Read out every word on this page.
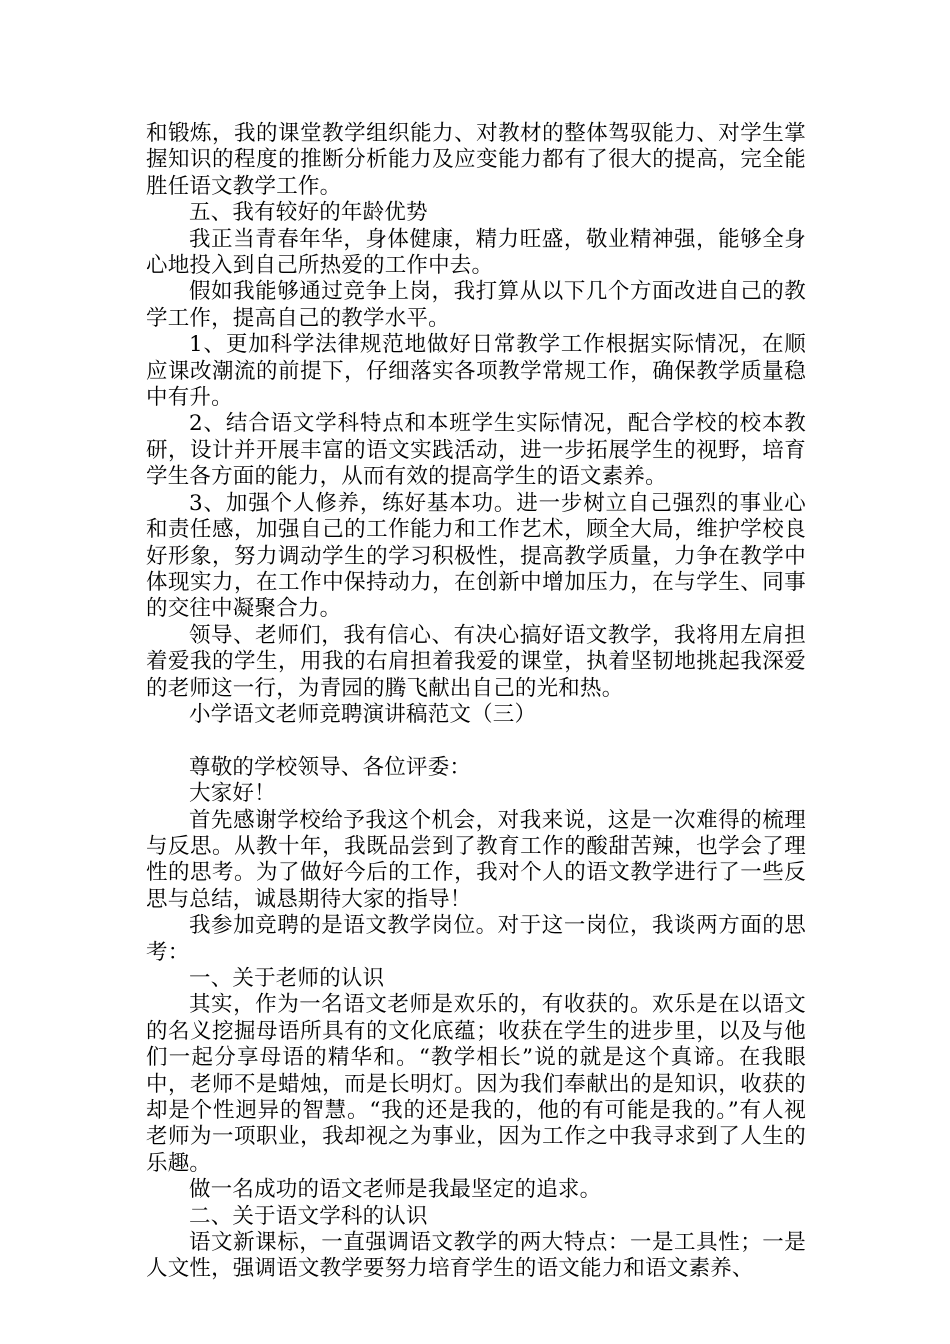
和锻炼，我的课堂教学组织能力、对教材的整体驾驭能力、对学生掌握知识的程度的推断分析能力及应变能力都有了很大的提高，完全能胜任语文教学工作。

五、我有较好的年龄优势

我正当青春年华，身体健康，精力旺盛，敬业精神强，能够全身心地投入到自己所热爱的工作中去。

假如我能够通过竞争上岗，我打算从以下几个方面改进自己的教学工作，提高自己的教学水平。

1、更加科学法律规范地做好日常教学工作根据实际情况，在顺应课改潮流的前提下，仔细落实各项教学常规工作，确保教学质量稳中有升。

2、结合语文学科特点和本班学生实际情况，配合学校的校本教研，设计并开展丰富的语文实践活动，进一步拓展学生的视野，培育学生各方面的能力，从而有效的提高学生的语文素养。

3、加强个人修养，练好基本功。进一步树立自己强烈的事业心和责任感，加强自己的工作能力和工作艺术，顾全大局，维护学校良好形象，努力调动学生的学习积极性，提高教学质量，力争在教学中体现实力，在工作中保持动力，在创新中增加压力，在与学生、同事的交往中凝聚合力。

领导、老师们，我有信心、有决心搞好语文教学，我将用左肩担着爱我的学生，用我的右肩担着我爱的课堂，执着坚韧地挑起我深爱的老师这一行，为青园的腾飞献出自己的光和热。

小学语文老师竞聘演讲稿范文（三）

尊敬的学校领导、各位评委：

大家好！

首先感谢学校给予我这个机会，对我来说，这是一次难得的梳理与反思。从教十年，我既品尝到了教育工作的酸甜苦辣，也学会了理性的思考。为了做好今后的工作，我对个人的语文教学进行了一些反思与总结，诚恳期待大家的指导！

我参加竞聘的是语文教学岗位。对于这一岗位，我谈两方面的思考：

一、关于老师的认识

其实，作为一名语文老师是欢乐的，有收获的。欢乐是在以语文的名义挖掘母语所具有的文化底蕴；收获在学生的进步里，以及与他们一起分享母语的精华和。“教学相长”说的就是这个真谛。在我眼中，老师不是蜡烛，而是长明灯。因为我们奉献出的是知识，收获的却是个性迥异的智慧。“我的还是我的，他的有可能是我的。”有人视老师为一项职业，我却视之为事业，因为工作之中我寻求到了人生的乐趣。

做一名成功的语文老师是我最坚定的追求。

二、关于语文学科的认识

语文新课标，一直强调语文教学的两大特点：一是工具性；一是人文性，强调语文教学要努力培育学生的语文能力和语文素养、
